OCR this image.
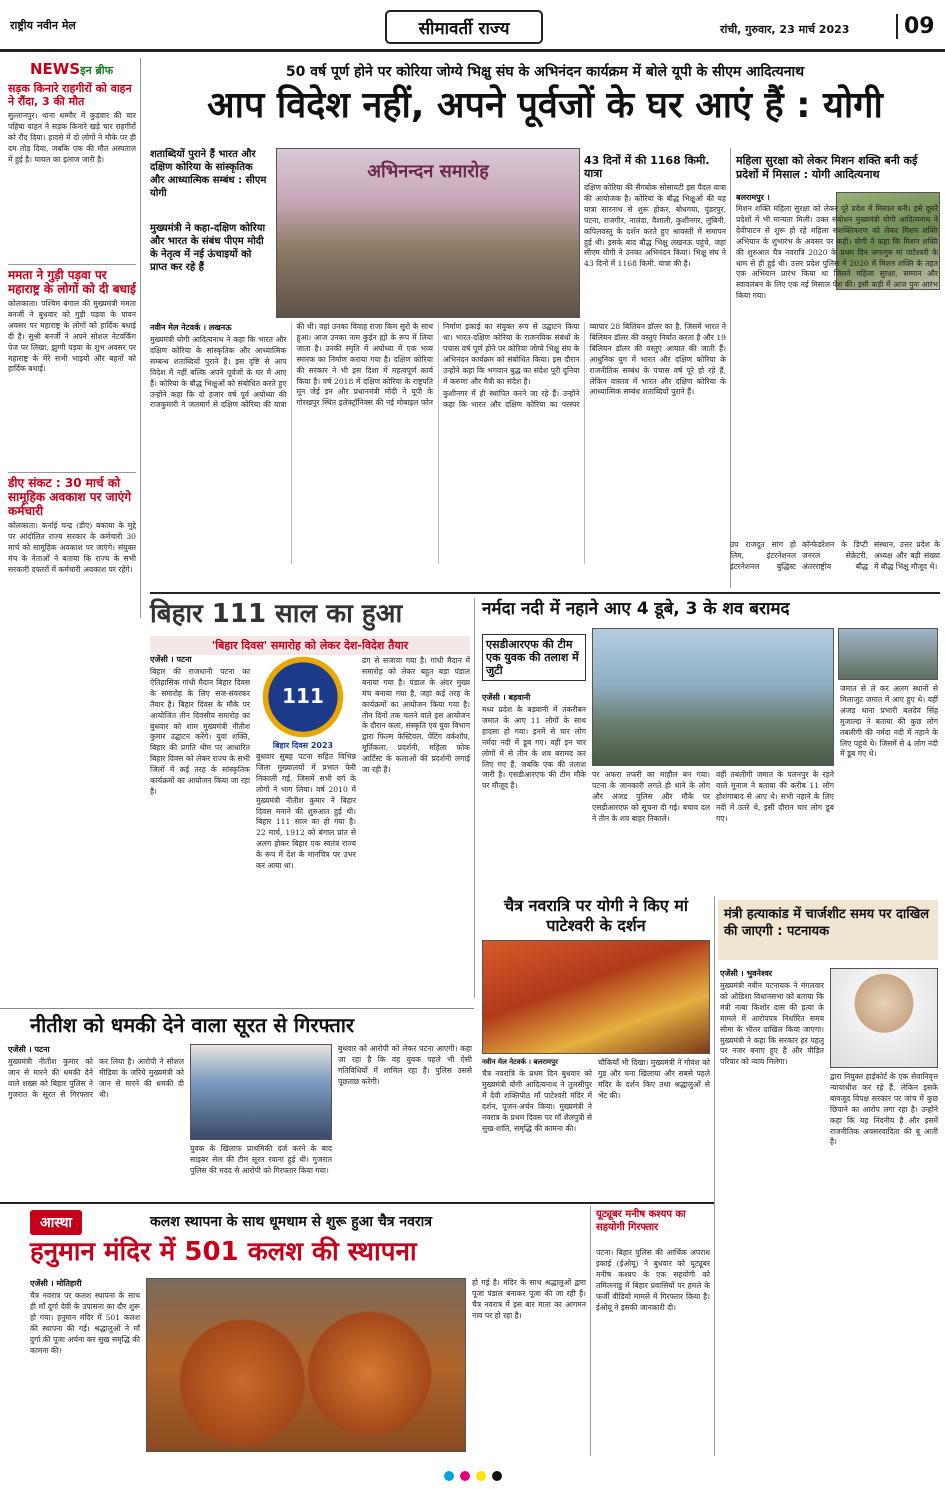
राष्ट्रीय नवीन मेल	सीमावर्ती राज्य	रांची, गुरुवार, 23 मार्च 2023	09
NEWSइन ब्रीफ
सड़क किनारे राहगीरों को वाहन ने रौंदा, 3 की मौत
सुल्तानपुर। थाना धम्मौर में कुड़वार की चार पहिया वाहन ने सड़क किनारे खड़े चार राहगीरों को रौंद दिया। हादसे में दो लोगों ने मौके पर ही दम तोड़ दिया, जबकि एक की मौत अस्पताल में हुई है। घायल का इलाज जारी है।
ममता ने गुड़ी पड़वा पर महाराष्ट्र के लोगों को दी बधाई
कोलकाता। पश्चिम बंगाल की मुख्यमंत्री ममता बनर्जी ने बुधवार को गुड़ी पड़वा के पावन अवसर पर महाराष्ट्र के लोगों को हार्दिक बधाई दी है। सुश्री बनर्जी ने अपने सोशल नेटवर्किंग पेज पर लिखा, झुग्गी पड़वा के शुभ अवसर पर महाराष्ट्र के मेरे सभी भाइयों और बहनों को हार्दिक बधाई।
डीए संकट : 30 मार्च को सामूहिक अवकाश पर जाएंगे कर्मचारी
कोलकाता। कर्नाई चन्द्र (डीए) बकाया के मुद्दे पर आंदोलित राज्य सरकार के कर्मचारी 30 मार्च को सामूहिक अवकाश पर जाएंगे। संयुक्त मंच के नेताओं ने बताया कि राज्य के सभी सरकारी दफ्तरों में कर्मचारी अवकाश पर रहेंगे।
50 वर्ष पूर्ण होने पर कोरिया जोग्ये भिक्षु संघ के अभिनंदन कार्यक्रम में बोले यूपी के सीएम आदित्यनाथ
आप विदेश नहीं, अपने पूर्वजों के घर आएं हैं : योगी
शताब्दियों पुराने हैं भारत और दक्षिण कोरिया के सांस्कृतिक और आध्यात्मिक सम्बंध : सीएम योगी
मुख्यमंत्री ने कहा-दक्षिण कोरिया और भारत के संबंध पीएम मोदी के नेतृत्व में नई ऊंचाइयों को प्राप्त कर रहे हैं
अभिनन्दन समारोह
43 दिनों में की 1168 किमी. यात्रा
दक्षिण कोरिया की सैंगबोक सोसायटी इस पैदल यात्रा की आयोजक है। कोरिया के बौद्ध भिक्षुओं की यह यात्रा सारनाथ से शुरू होकर, बोधगया, पुंडरपुर, पटना, राजगीर, नालंदा, वैशाली, कुशीनगर, लुंबिनी, कपिलवस्तु के दर्शन करते हुए श्रावस्ती में समापन हुई थी। इसके बाद बौद्ध भिक्षु लखनऊ पहुंचे, जहां सीएम योगी ने उनका अभिनंदन किया। भिक्षु संघ ने 43 दिनों में 1168 किमी. यात्रा की है।
नवीन मेल नेटवर्क । लखनऊ
मुख्यमंत्री योगी आदित्यनाथ ने कहा कि भारत और दक्षिण कोरिया के सांस्कृतिक और आध्यात्मिक सम्बन्ध शताब्दियों पुराने हैं। इस दृष्टि से आप विदेश में नहीं बल्कि अपने पूर्वजों के घर में आए हैं। कोरिया के बौद्ध भिक्षुओं को संबोधित करते हुए उन्होंने कहा कि दो हजार वर्ष पूर्व अयोध्या की राजकुमारी ने जलमार्ग से दक्षिण कोरिया की यात्रा की थी। वहां उनका विवाह राजा किम सुरो के साथ हुआ। आज उनका नाम कुईन ह्यो के रूप में लिया जाता है। उनकी स्मृति में अयोध्या में एक भव्य स्मारक का निर्माण कराया गया है। दक्षिण कोरिया की सरकार ने भी इस दिशा में महत्वपूर्ण कार्य किया है। वर्ष 2018 में दक्षिण कोरिया के राष्ट्रपति मून जेई इन और प्रधानमंत्री मोदी ने यूपी के गोरखपुर स्थित इलेक्ट्रॉनिक्स की नई मोबाइल फोन निर्माण इकाई का संयुक्त रूप से उद्घाटन किया था। भारत-दक्षिण कोरिया के राजनयिक संबंधों के पचास वर्ष पूर्ण होने पर कोरिया जोग्ये भिक्षु संघ के अभिनंदन कार्यक्रम को संबोधित किया। इस दौरान उन्होंने कहा कि भगवान बुद्ध का संदेश पूरी दुनिया में करुणा और मैत्री का संदेश है।
कुशीनगर में ही स्थापित करने जा रहे हैं। उन्होंने कहा कि भारत और दक्षिण कोरिया का परस्पर व्यापार 28 बिलियन डॉलर का है, जिसमें भारत ने बिलियन डॉलर की वस्तुएं निर्यात करता है और 19 बिलियन डॉलर की वस्तुएं आयात की जाती हैं। आधुनिक युग में भारत और दक्षिण कोरिया के राजनीतिक सम्बंध के पचास वर्ष पूरे हो रहे हैं, लेकिन वास्तव में भारत और दक्षिण कोरिया के आध्यात्मिक सम्बंध शताब्दियों पुराने हैं।
महिला सुरक्षा को लेकर मिशन शक्ति बनी कई प्रदेशों में मिसाल : योगी आदित्यनाथ
बलरामपुर ।
मिशन शक्ति महिला सुरक्षा को लेकर पूरे प्रदेश में मिसाल बनी। इसे दूसरे प्रदेशों में भी मान्यता मिली। उक्त संबोधन मुख्यमंत्री योगी आदित्यनाथ ने देवीपाटन से शुरू हो रहे महिला सशक्तिकरण को लेकर मिशन शक्ति अभियान के शुभारंभ के अवसर पर कही। योगी ने कहा कि मिशन शक्ति की शुरुआत चैत्र नवरात्रि 2020 के प्रथम दिन जगत्गुरु मां पाटेश्वरी के धाम से ही हुई थी। उत्तर प्रदेश पुलिस ने 2020 में मिशन शक्ति के तहत एक अभियान प्रारंभ किया था जिसने महिला सुरक्षा, सम्मान और स्वावलंबन के लिए एक नई मिसाल पेश की। इसी कड़ी में आज पुनः आरंभ किया गया।
उप राजदूत सांग हो लिम, इंटरनेशनल इंटरनेशनल बुद्धिस्ट कॉन्फेडरेशन के डिप्टी जनरल सेक्रेटरी, अंतरराष्ट्रीय बौद्ध संस्थान, उत्तर प्रदेश के अध्यक्ष और बड़ी संख्या में बौद्ध भिक्षु मौजूद थे।
बिहार 111 साल का हुआ
'बिहार दिवस' समारोह को लेकर देश-विदेश तैयार
एजेंसी । पटना
बिहार की राजधानी पटना का ऐतिहासिक गांधी मैदान बिहार दिवस के समारोह के लिए सज-संवरकर तैयार है। बिहार दिवस के मौके पर आयोजित तीन दिवसीय समारोह का बुधवार को शाम मुख्यमंत्री नीतीश कुमार उद्घाटन करेंगे। युवा शक्ति, बिहार की प्रगति थीम पर आधारित बिहार दिवस को लेकर राज्य के सभी जिलों में कई तरह के सांस्कृतिक कार्यक्रमों का आयोजन किया जा रहा है।
111
बिहार दिवस 2023
बुधवार सुबह पटना सहित विभिन्न जिला मुख्यालयों में प्रभात फेरी निकाली गई, जिसमें सभी वर्ग के लोगों ने भाग लिया। वर्ष 2010 में मुख्यमंत्री नीतीश कुमार ने बिहार दिवस मनाने की शुरुआत हुई थी। बिहार 111 साल का हो गया है। 22 मार्च, 1912 को बंगाल प्रांत से अलग होकर बिहार एक स्वतंत्र राज्य के रूप में देश के मानचित्र पर उभर कर आया था।
ढंग से सजाया गया है। गांधी मैदान में समारोह को लेकर बहुत बड़ा पंडाल बनाया गया है। पंडाल के अंदर मुख्य मंच बनाया गया है, जहां कई तरह के कार्यक्रमों का आयोजन किया गया है। तीन दिनों तक चलने वाले इस आयोजन के दौरान कला, संस्कृति एवं युवा विभाग द्वारा फिल्म फेस्टिवल, पेंटिंग वर्कशॉप, मूर्तिकला, प्रदर्शनी, महिला फोक आर्टिस्ट के कलाओं की प्रदर्शनी लगाई जा रही है।
नर्मदा नदी में नहाने आए 4 डूबे, 3 के शव बरामद
एसडीआरएफ की टीम एक युवक की तलाश में जुटी
एजेंसी । बड़वानी
मध्य प्रदेश के बड़वानी में तकरीबन जमात के आए 11 लोगों के साथ हादसा हो गया। इनमें से चार लोग नर्मदा नदी में डूब गए। वहीं इन चार लोगों में से तीन के शव बरामद कर लिए गए हैं, जबकि एक की तलाश जारी है। एसडीआरएफ की टीम मौके पर मौजूद है।
पर अफरा तफरी का माहौल बन गया। पटना के जानकारी लगते ही थाने के लोग और अंजड पुलिस और मौके पर एसडीआरएफ को सूचना दी गई। बचाव दल ने तीन के शव बाहर निकाले।
वहीं तबलीगी जमात के पलनपुर के रहने वाले मुनाज ने बताया की करीब 11 लोग होशंगाबाद से आए थे। सभी नहाने के लिए नदी में उतरे थे, इसी दौरान चार लोग डूब गए।
जमात से ले कर अलग स्थानों से मिलाजुट जमात में आए हुए थे। वहीं अंजड़ थाना प्रभारी बलदेव सिंह मुजाल्दा ने बताया की कुछ लोग तबलीगी की नर्मदा नदी में नहाने के लिए पहुंचे थे। जिसमें से 4 लोग नदी में डूब गए थे।
चैत्र नवरात्रि पर योगी ने किए मां पाटेश्वरी के दर्शन
नवीन मेल नेटवर्क । बलरामपुर
चैत्र नवरात्रि के प्रथम दिन बुधवार को मुख्यमंत्री योगी आदित्यनाथ ने तुलसीपुर में देवी शक्तिपीठ माँ पाटेश्वरी मंदिर में दर्शन, पूजन-अर्चन किया। मुख्यमंत्री ने नवरात्र के प्रथम दिवस पर माँ शैलपुत्री से सुख-शांति, समृद्धि की कामना की।
चौकियाँ भी दिखा। मुख्यमंत्री ने गोवंश को गुड़ और चना खिलाया और सबसे पहले मंदिर के दर्शन किए तथा श्रद्धालुओं से भेंट की।
मंत्री हत्याकांड में चार्जशीट समय पर दाखिल की जाएगी : पटनायक
एजेंसी । भुवनेश्वर
मुख्यमंत्री नवीन पटनायक ने मंगलवार को ओडिशा विधानसभा को बताया कि मंत्री नाबा किशोर दास की हत्या के मामले में आरोपपत्र निर्धारित समय सीमा के भीतर दाखिल किया जाएगा। मुख्यमंत्री ने कहा कि सरकार हर पहलू पर नजर बनाए हुए है और पीड़ित परिवार को न्याय मिलेगा।
द्वारा नियुक्त हाईकोर्ट के एक सेवानिवृत्त न्यायाधीश कर रहे हैं, लेकिन इसके बावजूद विपक्ष सरकार पर जांच में कुछ छिपाने का आरोप लगा रहा है। उन्होंने कहा कि यह निंदनीय है और इसमें राजनीतिक अवसरवादिता की बू आती है।
नीतीश को धमकी देने वाला सूरत से गिरफ्तार
एजेंसी । पटना
मुख्यमंत्री नीतीश कुमार को जान से मारने की धमकी देने वाले शख्स को बिहार पुलिस ने गुजरात के सूरत से गिरफ्तार कर लिया है। आरोपी ने सोशल मीडिया के जरिये मुख्यमंत्री को जान से मारने की धमकी दी थी।
युवक के खिलाफ प्राथमिकी दर्ज करने के बाद साइबर सेल की टीम सूरत रवाना हुई थी। गुजरात पुलिस की मदद से आरोपी को गिरफ्तार किया गया।
बुधवार को आरोपी को लेकर पटना आएगी। कहा जा रहा है कि वह युवक पहले भी ऐसी गतिविधियों में शामिल रहा है। पुलिस उससे पूछताछ करेगी।
आस्था	कलश स्थापना के साथ धूमधाम से शुरू हुआ चैत्र नवरात्र
हनुमान मंदिर में 501 कलश की स्थापना
एजेंसी । मोतिहारी
चैत्र नवरात्र पर कलश स्थापना के साथ ही माँ दुर्गा देवी के उपासना का दौर शुरू हो गया। हनुमान मंदिर में 501 कलश की स्थापना की गई। श्रद्धालुओं ने माँ दुर्गा की पूजा अर्चना कर सुख समृद्धि की कामना की।
हो गई है। मंदिर के साथ श्रद्धालुओं द्वारा पूजा पंडाल बनाकर पूजा की जा रही है। चैत्र नवरात्र में इस बार माता का आगमन नाव पर हो रहा है।
यूट्यूबर मनीष कश्यप का सहयोगी गिरफ्तार
पटना। बिहार पुलिस की आर्थिक अपराध इकाई (ईओयू) ने बुधवार को यूट्यूबर मनीष कश्यप के एक सहयोगी को तमिलनाडु में बिहार प्रवासियों पर हमले के फर्जी वीडियो मामले में गिरफ्तार किया है। ईओयू ने इसकी जानकारी दी।
